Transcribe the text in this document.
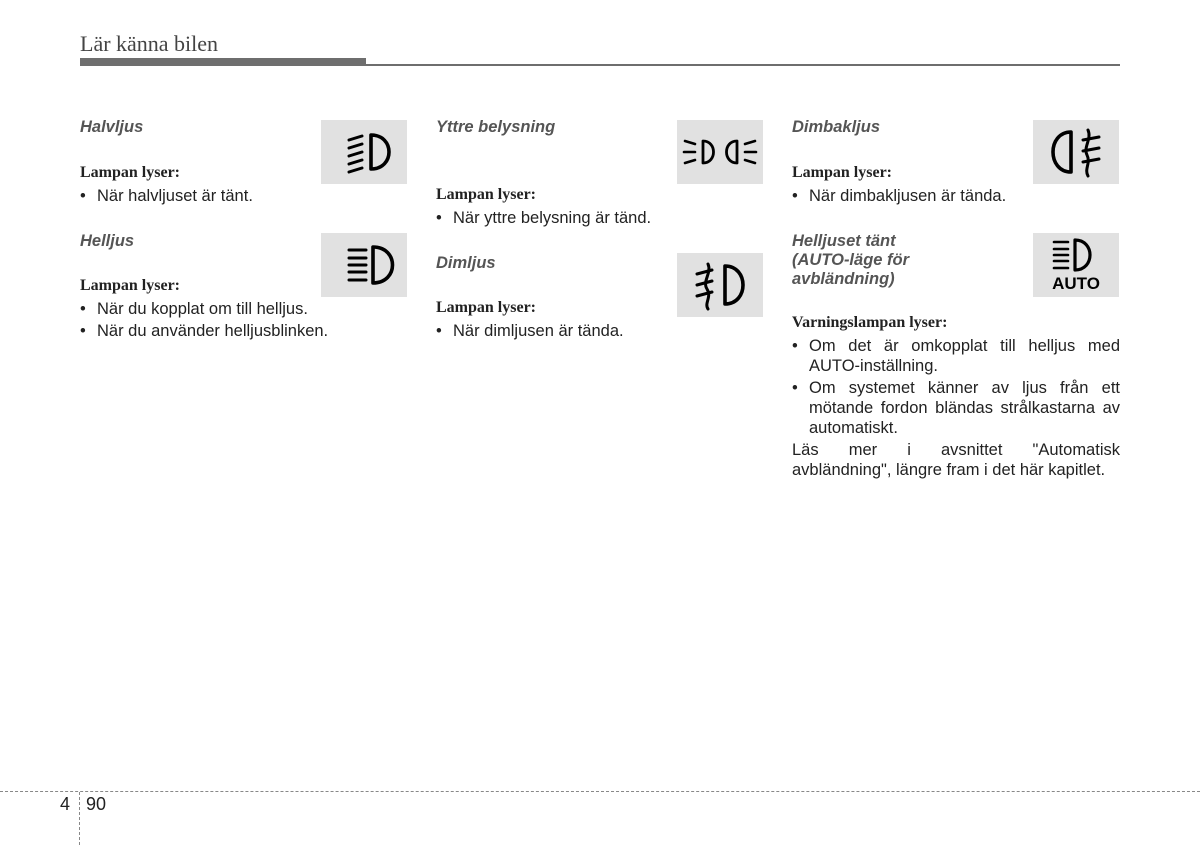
Lär känna bilen
Halvljus
Lampan lyser:
• När halvljuset är tänt.
Helljus
Lampan lyser:
• När du kopplat om till helljus.
• När du använder helljusblinken.
Yttre belysning
Lampan lyser:
• När yttre belysning är tänd.
Dimljus
Lampan lyser:
• När dimljusen är tända.
Dimbakljus
Lampan lyser:
• När dimbakljusen är tända.
Helljuset tänt
(AUTO-läge för
avbländning)	AUTO
Varningslampan lyser:
• Om det är omkopplat till helljus med AUTO-inställning.
• Om systemet känner av ljus från ett mötande fordon bländas strålkastarna av automatiskt.
Läs mer i avsnittet "Automatisk avbländning", längre fram i det här kapitlet.
4 90
